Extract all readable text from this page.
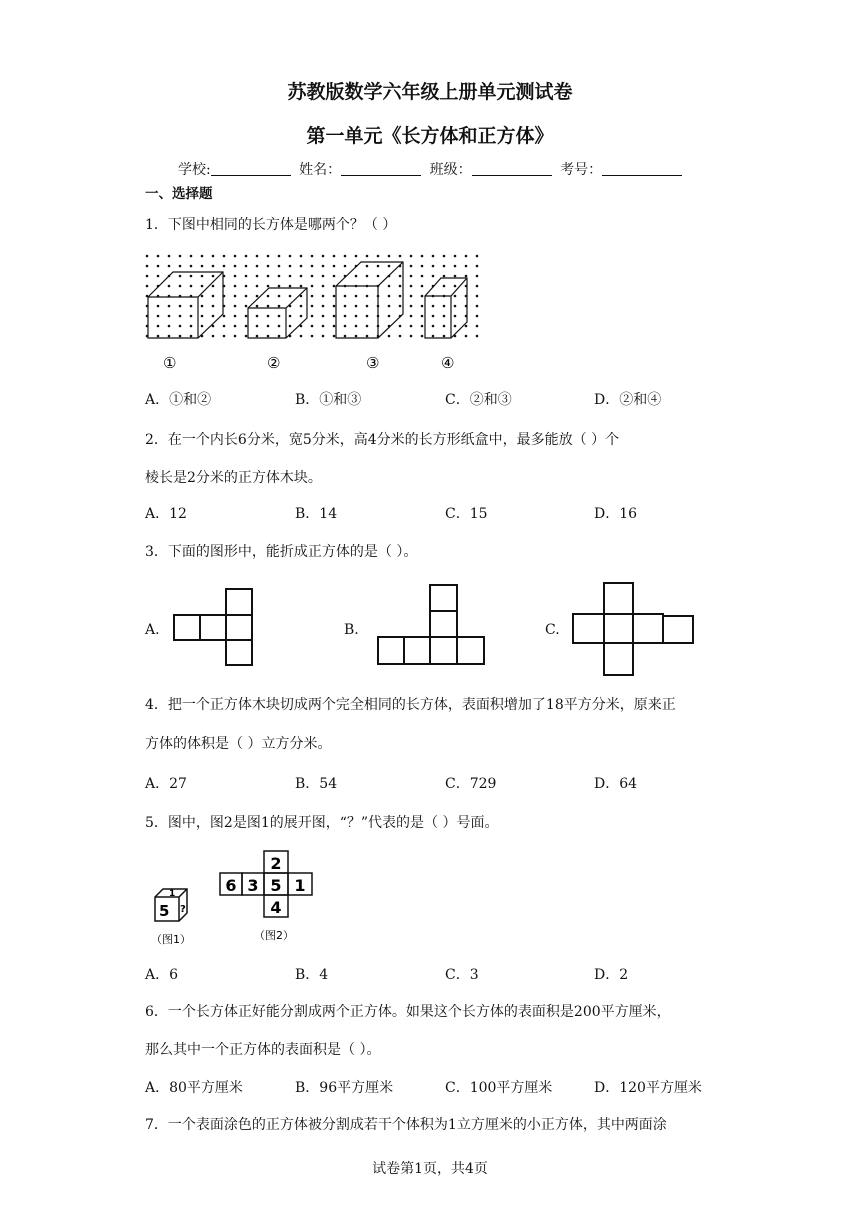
苏教版数学六年级上册单元测试卷
第一单元《长方体和正方体》
学校:	姓名：	班级：	考号：
一、选择题
1．下图中相同的长方体是哪两个？（ ）
①	②	③	④
A．①和②	B．①和③	C．②和③	D．②和④
2．在一个内长6分米，宽5分米，高4分米的长方形纸盒中，最多能放（ ）个
棱长是2分米的正方体木块。
A．12	B．14	C．15	D．16
3．下面的图形中，能折成正方体的是（ ）。
A.	B.	C.
4．把一个正方体木块切成两个完全相同的长方体，表面积增加了18平方分米，原来正
方体的体积是（ ）立方分米。
A．27	B．54	C．729	D．64
5．图中，图2是图1的展开图，“？”代表的是（ ）号面。
5
1
?
（图1）
2
6 3 5 1
4
（图2）
A．6	B．4	C．3	D．2
6．一个长方体正好能分割成两个正方体。如果这个长方体的表面积是200平方厘米，
那么其中一个正方体的表面积是（ ）。
A．80平方厘米	B．96平方厘米	C．100平方厘米	D．120平方厘米
7．一个表面涂色的正方体被分割成若干个体积为1立方厘米的小正方体，其中两面涂
试卷第1页，共4页
